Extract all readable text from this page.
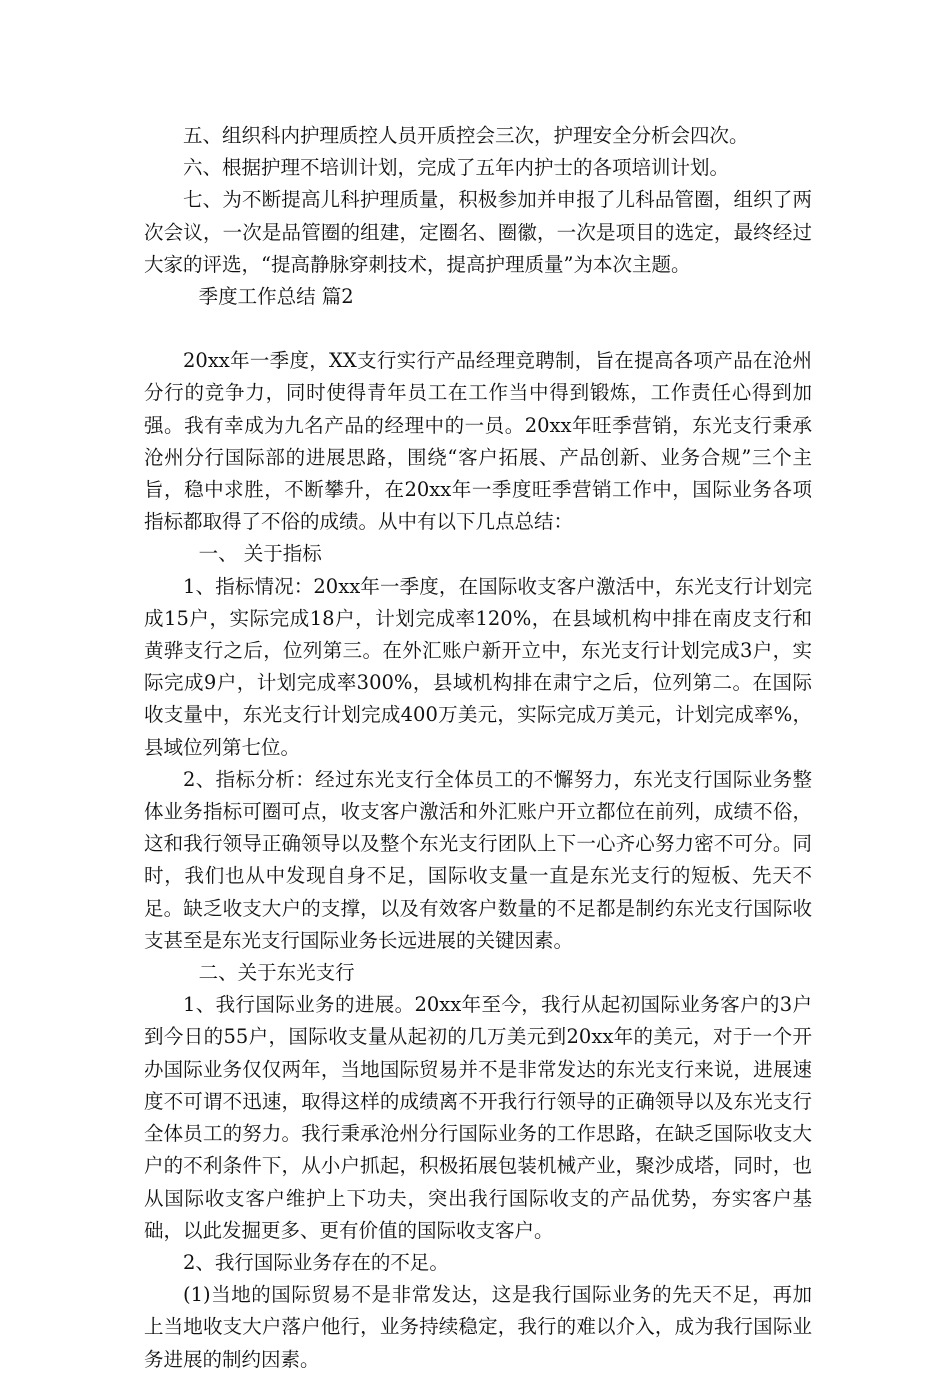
五、组织科内护理质控人员开质控会三次，护理安全分析会四次。

六、根据护理不培训计划，完成了五年内护士的各项培训计划。

七、为不断提高儿科护理质量，积极参加并申报了儿科品管圈，组织了两次会议，一次是品管圈的组建，定圈名、圈徽，一次是项目的选定，最终经过大家的评选，“提高静脉穿刺技术，提高护理质量”为本次主题。

季度工作总结 篇2

20xx年一季度，XX支行实行产品经理竞聘制，旨在提高各项产品在沧州分行的竞争力，同时使得青年员工在工作当中得到锻炼，工作责任心得到加强。我有幸成为九名产品的经理中的一员。20xx年旺季营销，东光支行秉承沧州分行国际部的进展思路，围绕“客户拓展、产品创新、业务合规”三个主旨，稳中求胜，不断攀升，在20xx年一季度旺季营销工作中，国际业务各项指标都取得了不俗的成绩。从中有以下几点总结：

一、 关于指标

1、指标情况：20xx年一季度，在国际收支客户激活中，东光支行计划完成15户，实际完成18户，计划完成率120%，在县域机构中排在南皮支行和黄骅支行之后，位列第三。在外汇账户新开立中，东光支行计划完成3户，实际完成9户，计划完成率300%，县域机构排在肃宁之后，位列第二。在国际收支量中，东光支行计划完成400万美元，实际完成万美元，计划完成率%，县域位列第七位。

2、指标分析：经过东光支行全体员工的不懈努力，东光支行国际业务整体业务指标可圈可点，收支客户激活和外汇账户开立都位在前列，成绩不俗，这和我行领导正确领导以及整个东光支行团队上下一心齐心努力密不可分。同时，我们也从中发现自身不足，国际收支量一直是东光支行的短板、先天不足。缺乏收支大户的支撑，以及有效客户数量的不足都是制约东光支行国际收支甚至是东光支行国际业务长远进展的关键因素。

二、关于东光支行

1、我行国际业务的进展。20xx年至今，我行从起初国际业务客户的3户到今日的55户，国际收支量从起初的几万美元到20xx年的美元，对于一个开办国际业务仅仅两年，当地国际贸易并不是非常发达的东光支行来说，进展速度不可谓不迅速，取得这样的成绩离不开我行行领导的正确领导以及东光支行全体员工的努力。我行秉承沧州分行国际业务的工作思路，在缺乏国际收支大户的不利条件下，从小户抓起，积极拓展包装机械产业，聚沙成塔，同时，也从国际收支客户维护上下功夫，突出我行国际收支的产品优势，夯实客户基础，以此发掘更多、更有价值的国际收支客户。

2、我行国际业务存在的不足。

(1)当地的国际贸易不是非常发达，这是我行国际业务的先天不足，再加上当地收支大户落户他行，业务持续稳定，我行的难以介入，成为我行国际业务进展的制约因素。
